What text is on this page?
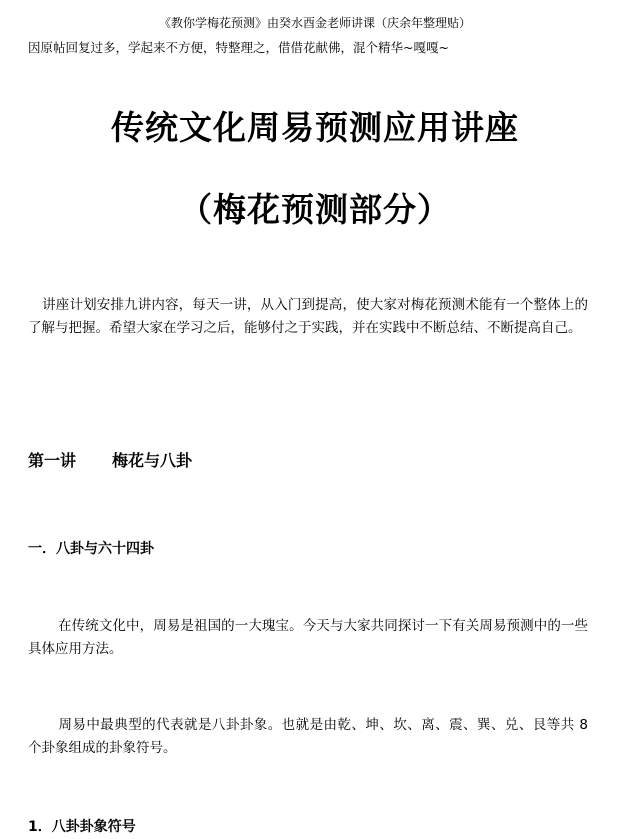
《教你学梅花预测》由癸水酉金老师讲课（庆余年整理贴）
因原帖回复过多，学起来不方便，特整理之，借借花献佛，混个精华~嘎嘎~
传统文化周易预测应用讲座
（梅花预测部分）
讲座计划安排九讲内容，每天一讲，从入门到提高，使大家对梅花预测术能有一个整体上的了解与把握。希望大家在学习之后，能够付之于实践，并在实践中不断总结、不断提高自己。
第一讲 梅花与八卦
一．八卦与六十四卦
在传统文化中，周易是祖国的一大瑰宝。今天与大家共同探讨一下有关周易预测中的一些具体应用方法。
周易中最典型的代表就是八卦卦象。也就是由乾、坤、坎、离、震、巽、兑、艮等共 8 个卦象组成的卦象符号。
1．八卦卦象符号
